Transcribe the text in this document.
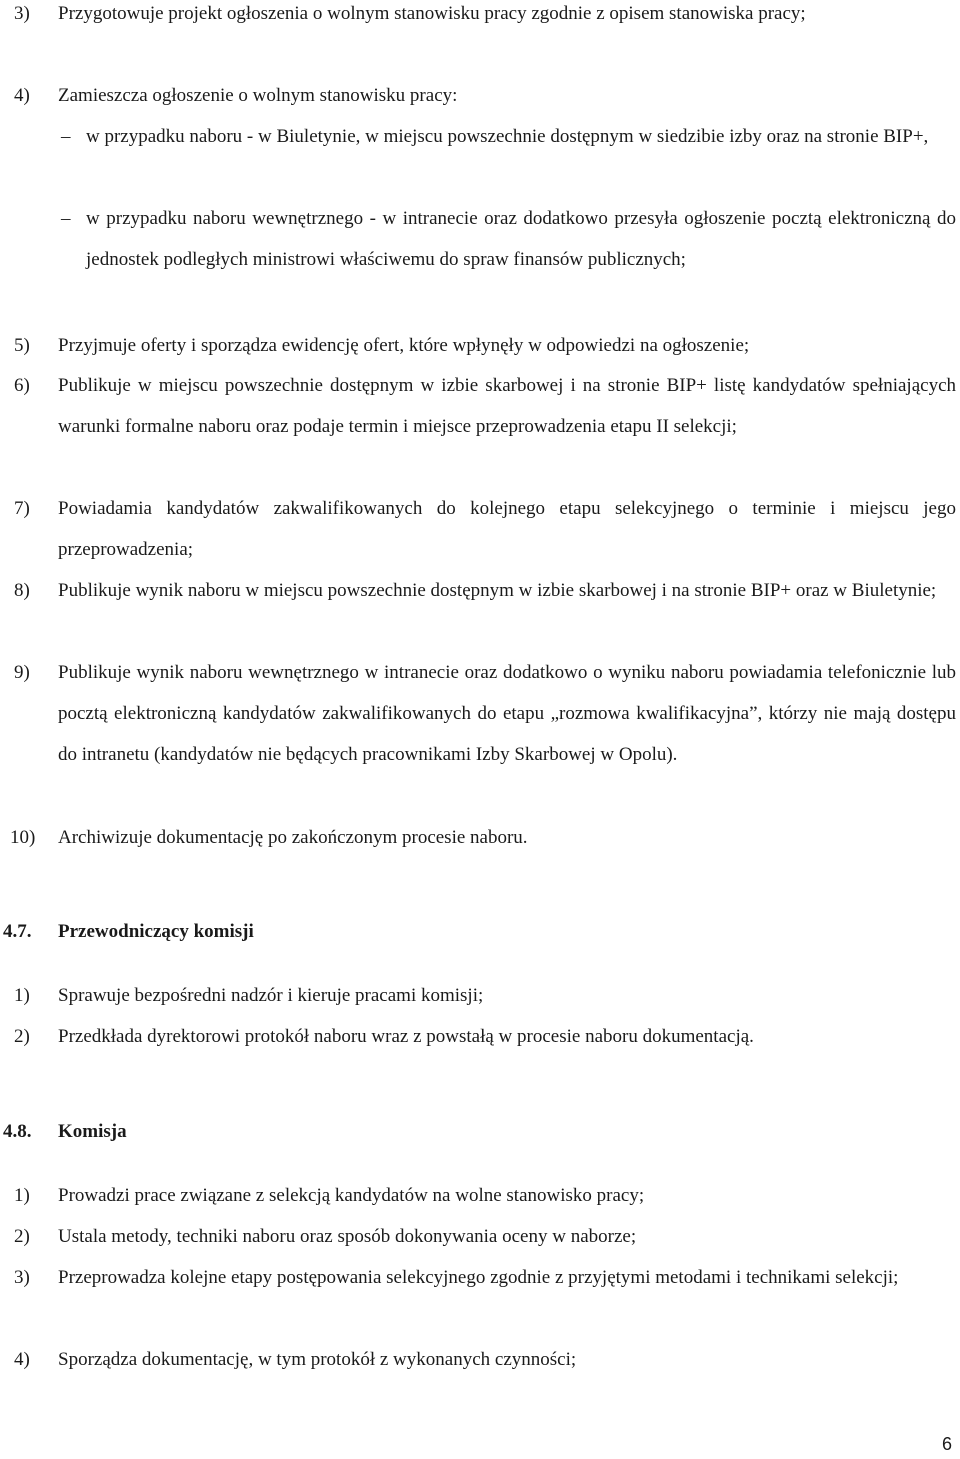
3) Przygotowuje projekt ogłoszenia o wolnym stanowisku pracy zgodnie z opisem stanowiska pracy;
4) Zamieszcza ogłoszenie o wolnym stanowisku pracy:
– w przypadku naboru - w Biuletynie, w miejscu powszechnie dostępnym w siedzibie izby oraz na stronie BIP+,
– w przypadku naboru wewnętrznego - w intranecie oraz dodatkowo przesyła ogłoszenie pocztą elektroniczną do jednostek podległych ministrowi właściwemu do spraw finansów publicznych;
5) Przyjmuje oferty i sporządza ewidencję ofert, które wpłynęły w odpowiedzi na ogłoszenie;
6) Publikuje w miejscu powszechnie dostępnym w izbie skarbowej i na stronie BIP+ listę kandydatów spełniających warunki formalne naboru oraz podaje termin i miejsce przeprowadzenia etapu II selekcji;
7) Powiadamia kandydatów zakwalifikowanych do kolejnego etapu selekcyjnego o terminie i miejscu jego przeprowadzenia;
8) Publikuje wynik naboru w miejscu powszechnie dostępnym w izbie skarbowej i na stronie BIP+ oraz w Biuletynie;
9) Publikuje wynik naboru wewnętrznego w intranecie oraz dodatkowo o wyniku naboru powiadamia telefonicznie lub pocztą elektroniczną kandydatów zakwalifikowanych do etapu „rozmowa kwalifikacyjna”, którzy nie mają dostępu do intranetu (kandydatów nie będących pracownikami Izby Skarbowej w Opolu).
10) Archiwizuje dokumentację po zakończonym procesie naboru.
4.7. Przewodniczący komisji
1) Sprawuje bezpośredni nadzór i kieruje pracami komisji;
2) Przedkłada dyrektorowi protokół naboru wraz z powstałą w procesie naboru dokumentacją.
4.8. Komisja
1) Prowadzi prace związane z selekcją kandydatów na wolne stanowisko pracy;
2) Ustala metody, techniki naboru oraz sposób dokonywania oceny w naborze;
3) Przeprowadza kolejne etapy postępowania selekcyjnego zgodnie z przyjętymi metodami i technikami selekcji;
4) Sporządza dokumentację, w tym protokół z wykonanych czynności;
6
